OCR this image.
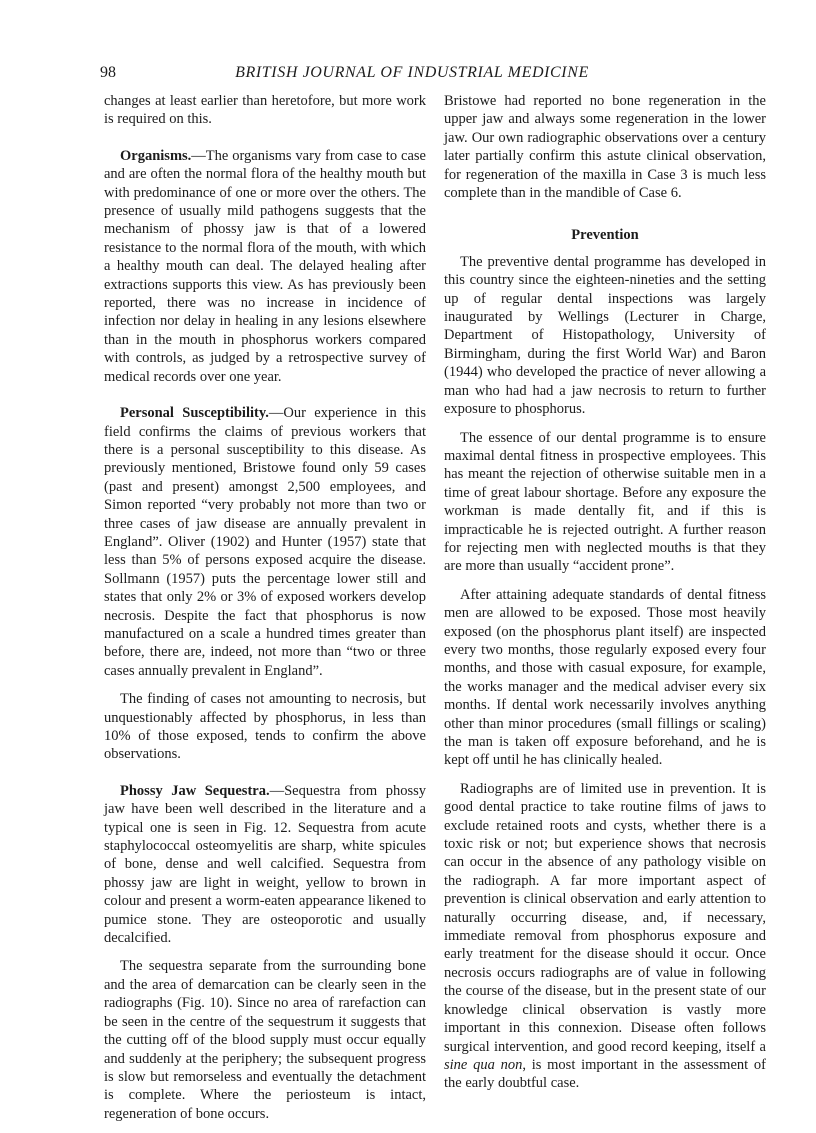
98	BRITISH JOURNAL OF INDUSTRIAL MEDICINE

changes at least earlier than heretofore, but more work is required on this.

Organisms.—The organisms vary from case to case and are often the normal flora of the healthy mouth but with predominance of one or more over the others. The presence of usually mild pathogens suggests that the mechanism of phossy jaw is that of a lowered resistance to the normal flora of the mouth, with which a healthy mouth can deal. The delayed healing after extractions supports this view. As has previously been reported, there was no increase in incidence of infection nor delay in healing in any lesions elsewhere than in the mouth in phosphorus workers compared with controls, as judged by a retrospective survey of medical records over one year.

Personal Susceptibility.—Our experience in this field confirms the claims of previous workers that there is a personal susceptibility to this disease. As previously mentioned, Bristowe found only 59 cases (past and present) amongst 2,500 employees, and Simon reported “very probably not more than two or three cases of jaw disease are annually prevalent in England”. Oliver (1902) and Hunter (1957) state that less than 5% of persons exposed acquire the disease. Sollmann (1957) puts the percentage lower still and states that only 2% or 3% of exposed workers develop necrosis. Despite the fact that phosphorus is now manufactured on a scale a hundred times greater than before, there are, indeed, not more than “two or three cases annually prevalent in England”.

The finding of cases not amounting to necrosis, but unquestionably affected by phosphorus, in less than 10% of those exposed, tends to confirm the above observations.

Phossy Jaw Sequestra.—Sequestra from phossy jaw have been well described in the literature and a typical one is seen in Fig. 12. Sequestra from acute staphylococcal osteomyelitis are sharp, white spicules of bone, dense and well calcified. Sequestra from phossy jaw are light in weight, yellow to brown in colour and present a worm-eaten appearance likened to pumice stone. They are osteoporotic and usually decalcified.

The sequestra separate from the surrounding bone and the area of demarcation can be clearly seen in the radiographs (Fig. 10). Since no area of rarefaction can be seen in the centre of the sequestrum it suggests that the cutting off of the blood supply must occur equally and suddenly at the periphery; the subsequent progress is slow but remorseless and eventually the detachment is complete. Where the periosteum is intact, regeneration of bone occurs.

Bristowe had reported no bone regeneration in the upper jaw and always some regeneration in the lower jaw. Our own radiographic observations over a century later partially confirm this astute clinical observation, for regeneration of the maxilla in Case 3 is much less complete than in the mandible of Case 6.

Prevention

The preventive dental programme has developed in this country since the eighteen-nineties and the setting up of regular dental inspections was largely inaugurated by Wellings (Lecturer in Charge, Department of Histopathology, University of Birmingham, during the first World War) and Baron (1944) who developed the practice of never allowing a man who had had a jaw necrosis to return to further exposure to phosphorus.

The essence of our dental programme is to ensure maximal dental fitness in prospective employees. This has meant the rejection of otherwise suitable men in a time of great labour shortage. Before any exposure the workman is made dentally fit, and if this is impracticable he is rejected outright. A further reason for rejecting men with neglected mouths is that they are more than usually “accident prone”.

After attaining adequate standards of dental fitness men are allowed to be exposed. Those most heavily exposed (on the phosphorus plant itself) are inspected every two months, those regularly exposed every four months, and those with casual exposure, for example, the works manager and the medical adviser every six months. If dental work necessarily involves anything other than minor procedures (small fillings or scaling) the man is taken off exposure beforehand, and he is kept off until he has clinically healed.

Radiographs are of limited use in prevention. It is good dental practice to take routine films of jaws to exclude retained roots and cysts, whether there is a toxic risk or not; but experience shows that necrosis can occur in the absence of any pathology visible on the radiograph. A far more important aspect of prevention is clinical observation and early attention to naturally occurring disease, and, if necessary, immediate removal from phosphorus exposure and early treatment for the disease should it occur. Once necrosis occurs radiographs are of value in following the course of the disease, but in the present state of our knowledge clinical observation is vastly more important in this connexion. Disease often follows surgical intervention, and good record keeping, itself a sine qua non, is most important in the assessment of the early doubtful case.
